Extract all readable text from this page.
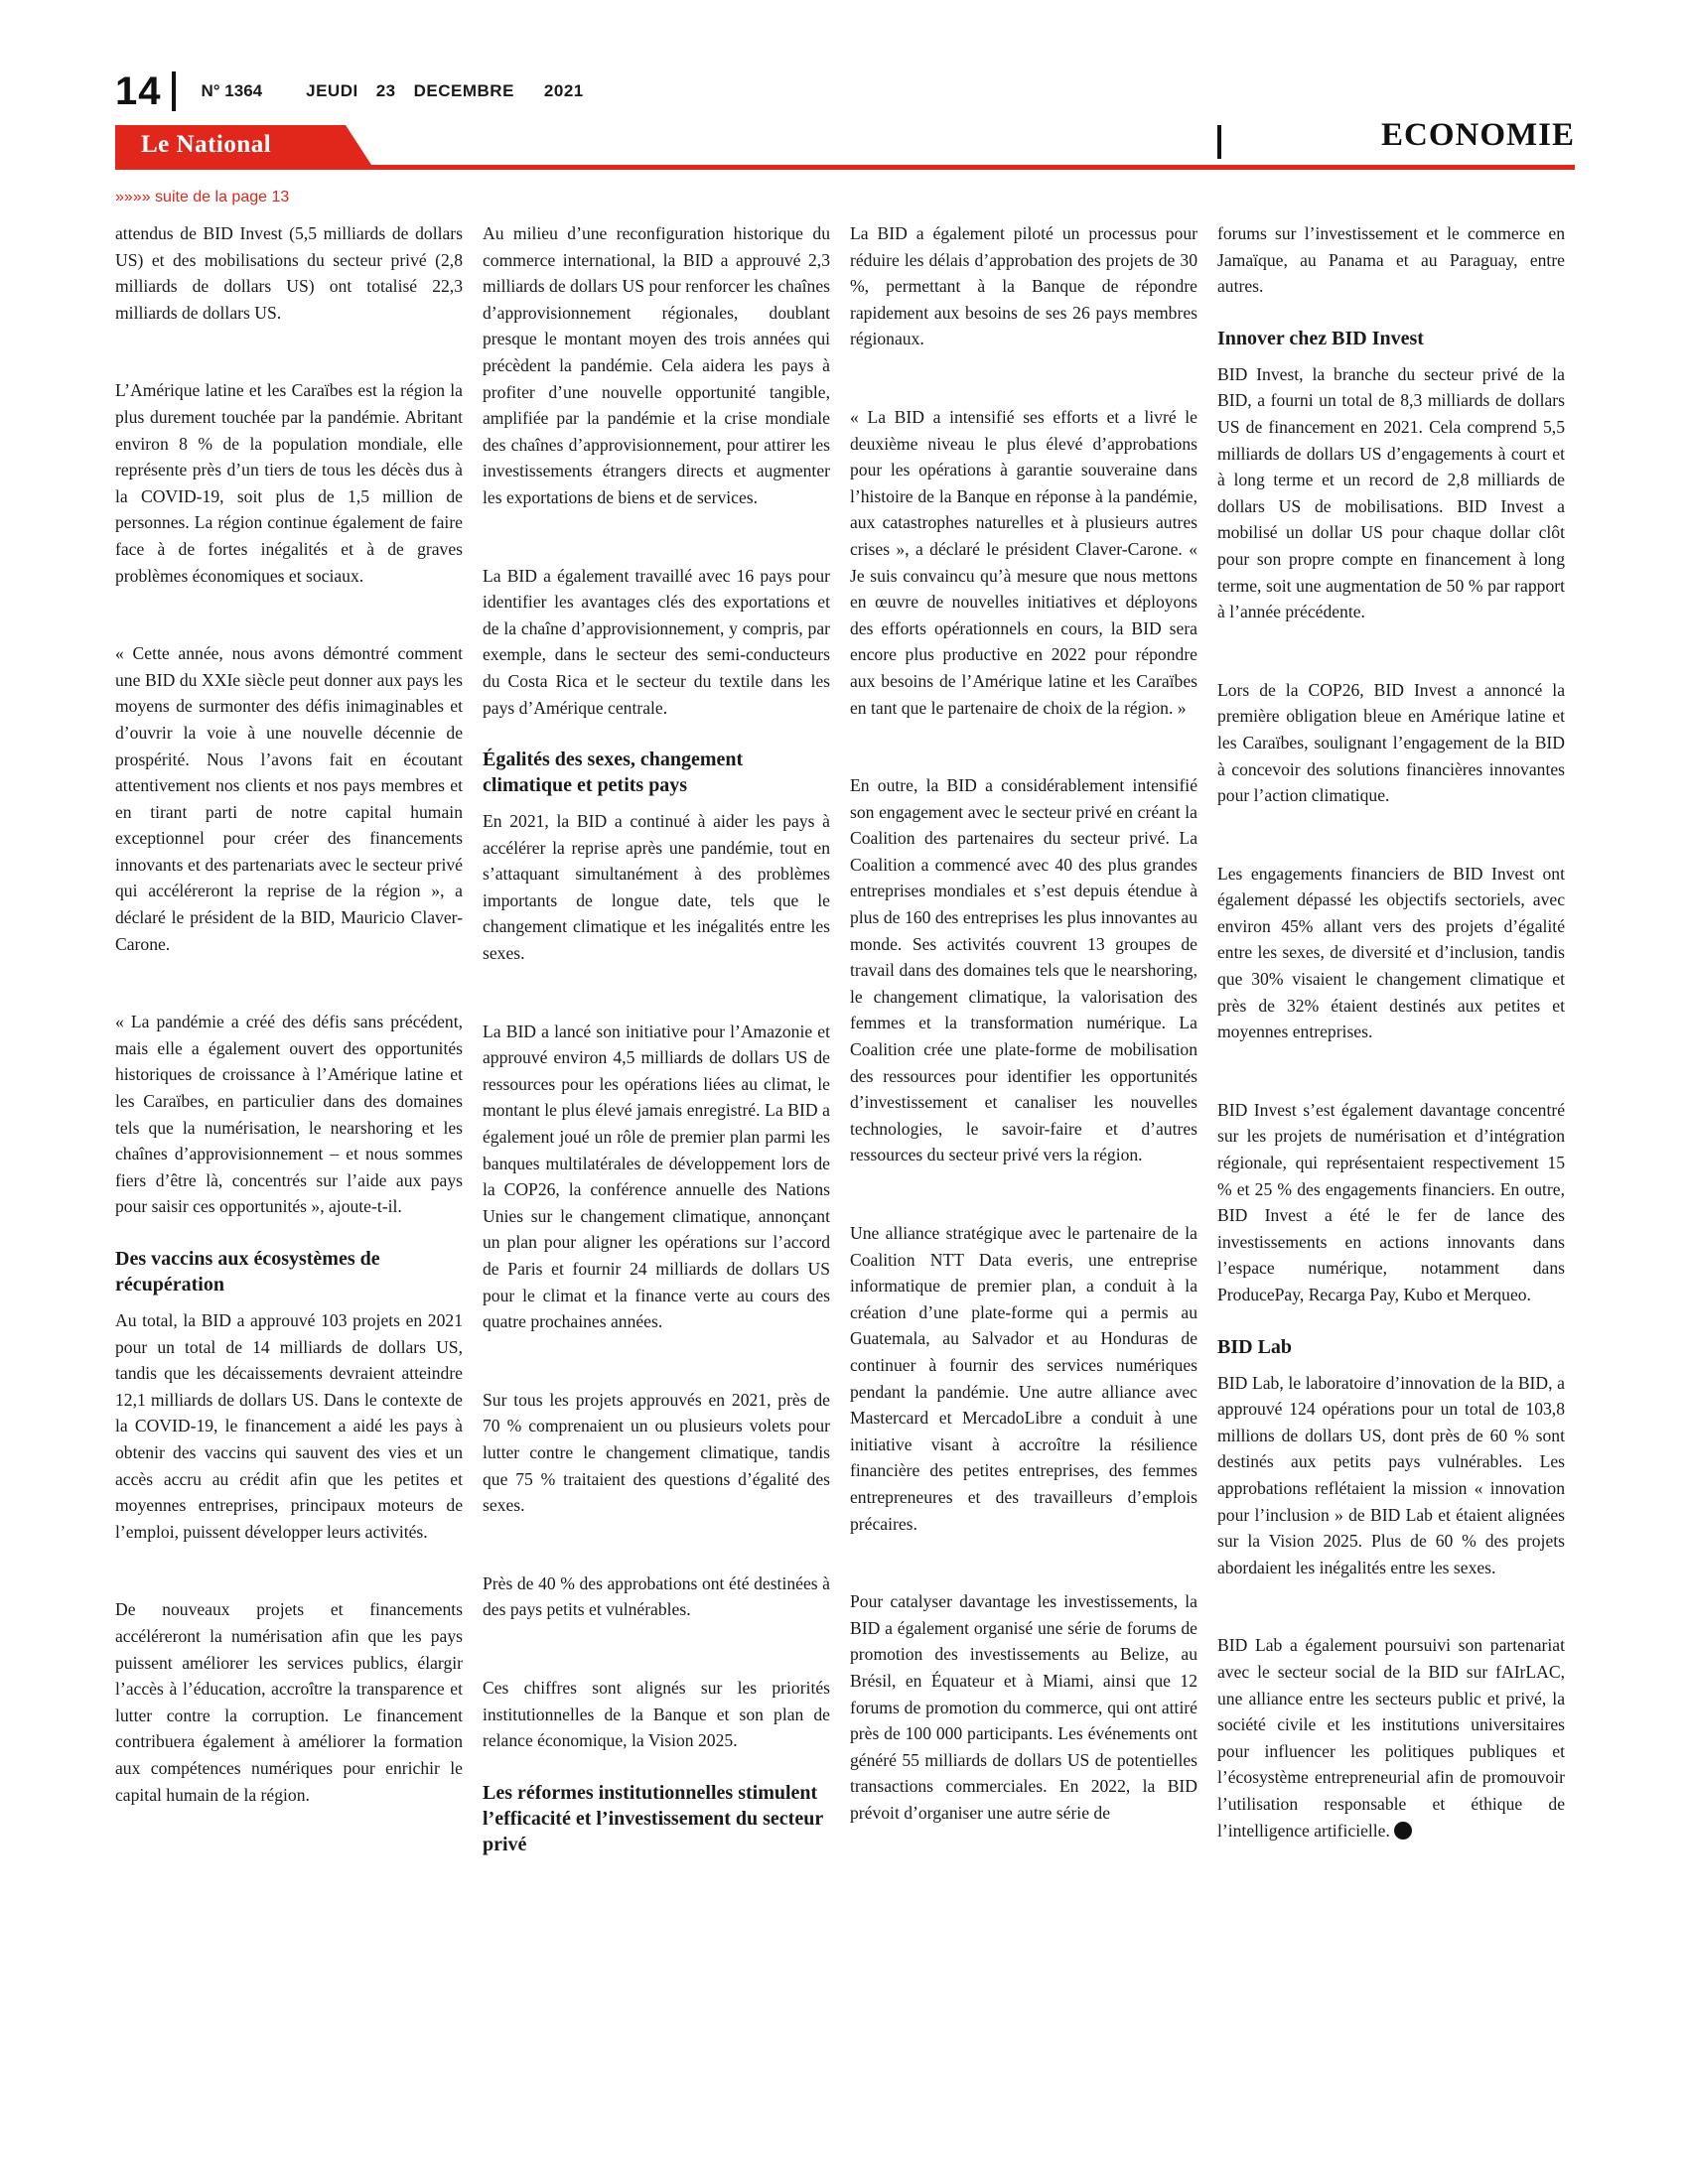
14 N° 1364	JEUDI 23 DECEMBRE 2021
Le National	ECONOMIE
»»»» suite de la page 13

attendus de BID Invest (5,5 milliards de dollars US) et des mobilisations du secteur privé (2,8 milliards de dollars US) ont totalisé 22,3 milliards de dollars US.

L’Amérique latine et les Caraïbes est la région la plus durement touchée par la pandémie. Abritant environ 8 % de la population mondiale, elle représente près d’un tiers de tous les décès dus à la COVID-19, soit plus de 1,5 million de personnes. La région continue également de faire face à de fortes inégalités et à de graves problèmes économiques et sociaux.

« Cette année, nous avons démontré comment une BID du XXIe siècle peut donner aux pays les moyens de surmonter des défis inimaginables et d’ouvrir la voie à une nouvelle décennie de prospérité. Nous l’avons fait en écoutant attentivement nos clients et nos pays membres et en tirant parti de notre capital humain exceptionnel pour créer des financements innovants et des partenariats avec le secteur privé qui accéléreront la reprise de la région », a déclaré le président de la BID, Mauricio Claver-Carone.

« La pandémie a créé des défis sans précédent, mais elle a également ouvert des opportunités historiques de croissance à l’Amérique latine et les Caraïbes, en particulier dans des domaines tels que la numérisation, le nearshoring et les chaînes d’approvisionnement – et nous sommes fiers d’être là, concentrés sur l’aide aux pays pour saisir ces opportunités », ajoute-t-il.

Des vaccins aux écosystèmes de récupération

Au total, la BID a approuvé 103 projets en 2021 pour un total de 14 milliards de dollars US, tandis que les décaissements devraient atteindre 12,1 milliards de dollars US. Dans le contexte de la COVID-19, le financement a aidé les pays à obtenir des vaccins qui sauvent des vies et un accès accru au crédit afin que les petites et moyennes entreprises, principaux moteurs de l’emploi, puissent développer leurs activités.

De nouveaux projets et financements accéléreront la numérisation afin que les pays puissent améliorer les services publics, élargir l’accès à l’éducation, accroître la transparence et lutter contre la corruption. Le financement contribuera également à améliorer la formation aux compétences numériques pour enrichir le capital humain de la région.

Au milieu d’une reconfiguration historique du commerce international, la BID a approuvé 2,3 milliards de dollars US pour renforcer les chaînes d’approvisionnement régionales, doublant presque le montant moyen des trois années qui précèdent la pandémie. Cela aidera les pays à profiter d’une nouvelle opportunité tangible, amplifiée par la pandémie et la crise mondiale des chaînes d’approvisionnement, pour attirer les investissements étrangers directs et augmenter les exportations de biens et de services.

La BID a également travaillé avec 16 pays pour identifier les avantages clés des exportations et de la chaîne d’approvisionnement, y compris, par exemple, dans le secteur des semi-conducteurs du Costa Rica et le secteur du textile dans les pays d’Amérique centrale.

Égalités des sexes, changement climatique et petits pays

En 2021, la BID a continué à aider les pays à accélérer la reprise après une pandémie, tout en s’attaquant simultanément à des problèmes importants de longue date, tels que le changement climatique et les inégalités entre les sexes.

La BID a lancé son initiative pour l’Amazonie et approuvé environ 4,5 milliards de dollars US de ressources pour les opérations liées au climat, le montant le plus élevé jamais enregistré. La BID a également joué un rôle de premier plan parmi les banques multilatérales de développement lors de la COP26, la conférence annuelle des Nations Unies sur le changement climatique, annonçant un plan pour aligner les opérations sur l’accord de Paris et fournir 24 milliards de dollars US pour le climat et la finance verte au cours des quatre prochaines années.

Sur tous les projets approuvés en 2021, près de 70 % comprenaient un ou plusieurs volets pour lutter contre le changement climatique, tandis que 75 % traitaient des questions d’égalité des sexes.

Près de 40 % des approbations ont été destinées à des pays petits et vulnérables.

Ces chiffres sont alignés sur les priorités institutionnelles de la Banque et son plan de relance économique, la Vision 2025.

Les réformes institutionnelles stimulent l’efficacité et l’investissement du secteur privé

La BID a également piloté un processus pour réduire les délais d’approbation des projets de 30 %, permettant à la Banque de répondre rapidement aux besoins de ses 26 pays membres régionaux.

« La BID a intensifié ses efforts et a livré le deuxième niveau le plus élevé d’approbations pour les opérations à garantie souveraine dans l’histoire de la Banque en réponse à la pandémie, aux catastrophes naturelles et à plusieurs autres crises », a déclaré le président Claver-Carone. « Je suis convaincu qu’à mesure que nous mettons en œuvre de nouvelles initiatives et déployons des efforts opérationnels en cours, la BID sera encore plus productive en 2022 pour répondre aux besoins de l’Amérique latine et les Caraïbes en tant que le partenaire de choix de la région. »

En outre, la BID a considérablement intensifié son engagement avec le secteur privé en créant la Coalition des partenaires du secteur privé. La Coalition a commencé avec 40 des plus grandes entreprises mondiales et s’est depuis étendue à plus de 160 des entreprises les plus innovantes au monde. Ses activités couvrent 13 groupes de travail dans des domaines tels que le nearshoring, le changement climatique, la valorisation des femmes et la transformation numérique. La Coalition crée une plate-forme de mobilisation des ressources pour identifier les opportunités d’investissement et canaliser les nouvelles technologies, le savoir-faire et d’autres ressources du secteur privé vers la région.

Une alliance stratégique avec le partenaire de la Coalition NTT Data everis, une entreprise informatique de premier plan, a conduit à la création d’une plate-forme qui a permis au Guatemala, au Salvador et au Honduras de continuer à fournir des services numériques pendant la pandémie. Une autre alliance avec Mastercard et MercadoLibre a conduit à une initiative visant à accroître la résilience financière des petites entreprises, des femmes entrepreneures et des travailleurs d’emplois précaires.

Pour catalyser davantage les investissements, la BID a également organisé une série de forums de promotion des investissements au Belize, au Brésil, en Équateur et à Miami, ainsi que 12 forums de promotion du commerce, qui ont attiré près de 100 000 participants. Les événements ont généré 55 milliards de dollars US de potentielles transactions commerciales. En 2022, la BID prévoit d’organiser une autre série de

forums sur l’investissement et le commerce en Jamaïque, au Panama et au Paraguay, entre autres.

Innover chez BID Invest

BID Invest, la branche du secteur privé de la BID, a fourni un total de 8,3 milliards de dollars US de financement en 2021. Cela comprend 5,5 milliards de dollars US d’engagements à court et à long terme et un record de 2,8 milliards de dollars US de mobilisations. BID Invest a mobilisé un dollar US pour chaque dollar clôt pour son propre compte en financement à long terme, soit une augmentation de 50 % par rapport à l’année précédente.

Lors de la COP26, BID Invest a annoncé la première obligation bleue en Amérique latine et les Caraïbes, soulignant l’engagement de la BID à concevoir des solutions financières innovantes pour l’action climatique.

Les engagements financiers de BID Invest ont également dépassé les objectifs sectoriels, avec environ 45% allant vers des projets d’égalité entre les sexes, de diversité et d’inclusion, tandis que 30% visaient le changement climatique et près de 32% étaient destinés aux petites et moyennes entreprises.

BID Invest s’est également davantage concentré sur les projets de numérisation et d’intégration régionale, qui représentaient respectivement 15 % et 25 % des engagements financiers. En outre, BID Invest a été le fer de lance des investissements en actions innovants dans l’espace numérique, notamment dans ProducePay, Recarga Pay, Kubo et Merqueo.

BID Lab

BID Lab, le laboratoire d’innovation de la BID, a approuvé 124 opérations pour un total de 103,8 millions de dollars US, dont près de 60 % sont destinés aux petits pays vulnérables. Les approbations reflétaient la mission « innovation pour l’inclusion » de BID Lab et étaient alignées sur la Vision 2025. Plus de 60 % des projets abordaient les inégalités entre les sexes.

BID Lab a également poursuivi son partenariat avec le secteur social de la BID sur fAIrLAC, une alliance entre les secteurs public et privé, la société civile et les institutions universitaires pour influencer les politiques publiques et l’écosystème entrepreneurial afin de promouvoir l’utilisation responsable et éthique de l’intelligence artificielle.
